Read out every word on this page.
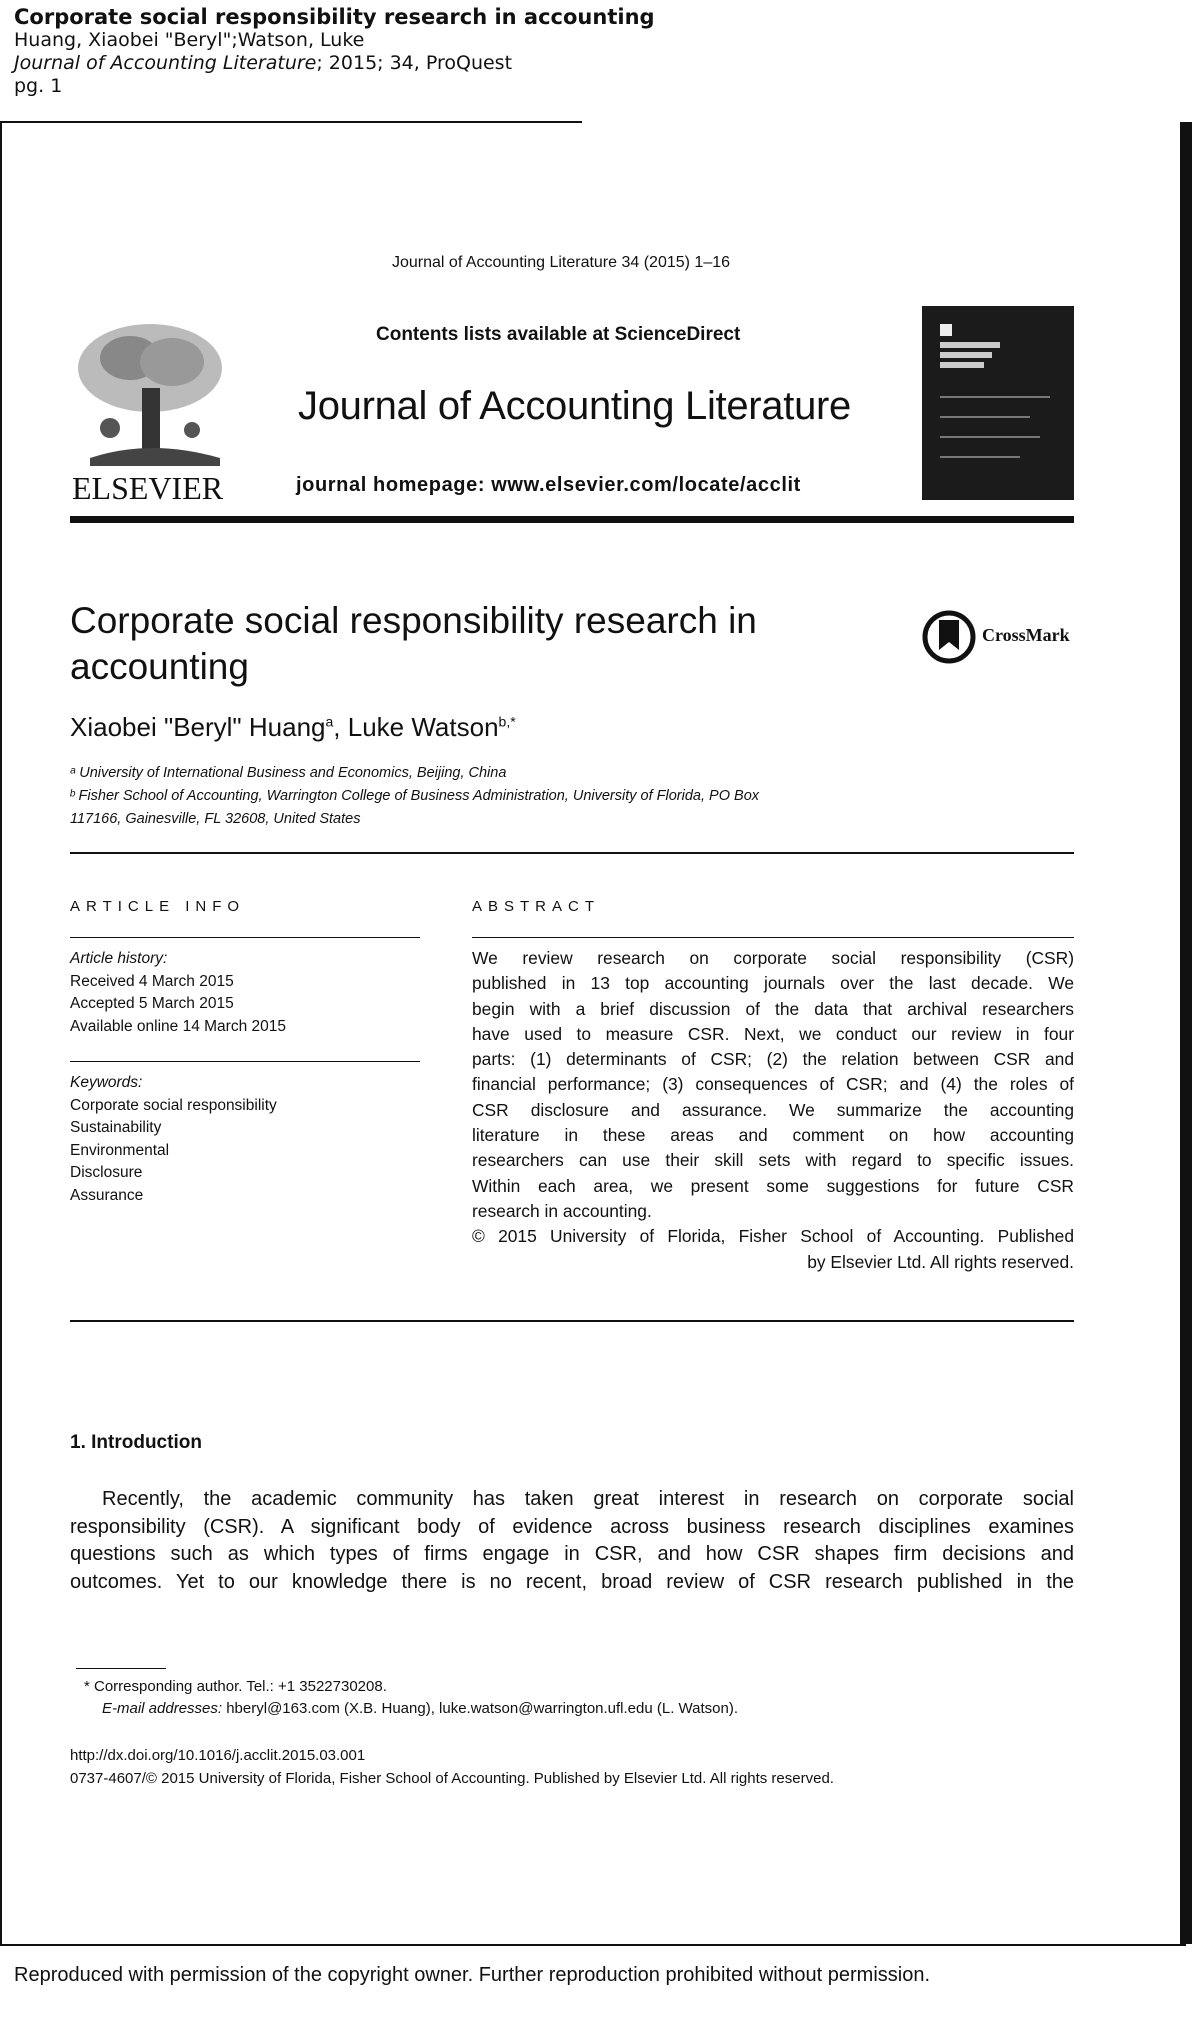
Corporate social responsibility research in accounting
Huang, Xiaobei "Beryl";Watson, Luke
Journal of Accounting Literature; 2015; 34, ProQuest
pg. 1
Journal of Accounting Literature 34 (2015) 1–16
ELSEVIER
Contents lists available at ScienceDirect
Journal of Accounting Literature
journal homepage: www.elsevier.com/locate/acclit
Corporate social responsibility research in
accounting
CrossMark
Xiaobei "Beryl" Huang$^a$, Luke Watson$^{b,*}$
ᵃ University of International Business and Economics, Beijing, China
ᵇ Fisher School of Accounting, Warrington College of Business Administration, University of Florida, PO Box
117166, Gainesville, FL 32608, United States
ARTICLE INFO
Article history:
Received 4 March 2015
Accepted 5 March 2015
Available online 14 March 2015
Keywords:
Corporate social responsibility
Sustainability
Environmental
Disclosure
Assurance
ABSTRACT
We review research on corporate social responsibility (CSR)
published in 13 top accounting journals over the last decade. We
begin with a brief discussion of the data that archival researchers
have used to measure CSR. Next, we conduct our review in four
parts: (1) determinants of CSR; (2) the relation between CSR and
financial performance; (3) consequences of CSR; and (4) the roles of
CSR disclosure and assurance. We summarize the accounting
literature in these areas and comment on how accounting
researchers can use their skill sets with regard to specific issues.
Within each area, we present some suggestions for future CSR
research in accounting.
© 2015 University of Florida, Fisher School of Accounting. Published
by Elsevier Ltd. All rights reserved.
1. Introduction
Recently, the academic community has taken great interest in research on corporate social
responsibility (CSR). A significant body of evidence across business research disciplines examines
questions such as which types of firms engage in CSR, and how CSR shapes firm decisions and
outcomes. Yet to our knowledge there is no recent, broad review of CSR research published in the
* Corresponding author. Tel.: +1 3522730208.
E-mail addresses: hberyl@163.com (X.B. Huang), luke.watson@warrington.ufl.edu (L. Watson).
http://dx.doi.org/10.1016/j.acclit.2015.03.001
0737-4607/© 2015 University of Florida, Fisher School of Accounting. Published by Elsevier Ltd. All rights reserved.
Reproduced with permission of the copyright owner. Further reproduction prohibited without permission.
